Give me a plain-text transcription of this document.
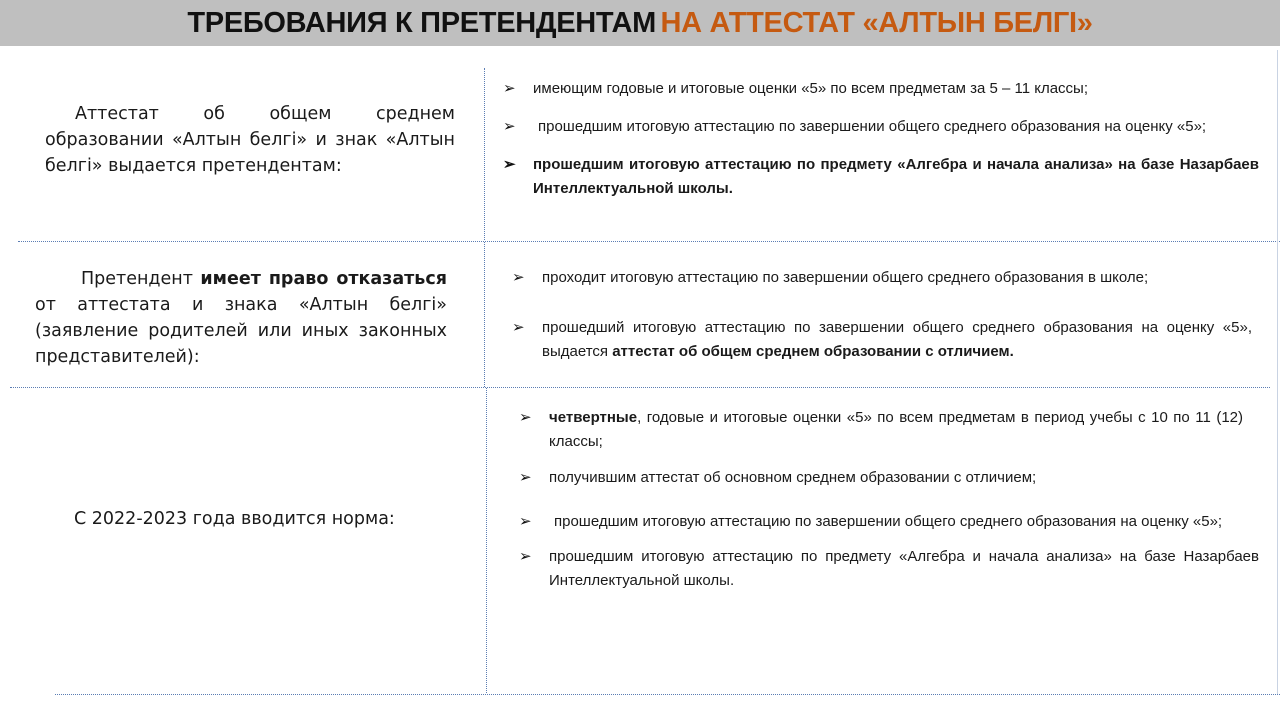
ТРЕБОВАНИЯ К ПРЕТЕНДЕНТАМ НА АТТЕСТАТ «АЛТЫН БЕЛГІ»
Аттестат об общем среднем образовании «Алтын белгі» и знак «Алтын белгі» выдается претендентам:
➢ имеющим годовые и итоговые оценки «5» по всем предметам за 5 – 11 классы;
➢ прошедшим итоговую аттестацию по завершении общего среднего образования на оценку «5»;
➢ прошедшим итоговую аттестацию по предмету «Алгебра и начала анализа» на базе Назарбаев Интеллектуальной школы.
Претендент имеет право отказаться от аттестата и знака «Алтын белгі» (заявление родителей или иных законных представителей):
➢ проходит итоговую аттестацию по завершении общего среднего образования в школе;
➢ прошедший итоговую аттестацию по завершении общего среднего образования на оценку «5», выдается аттестат об общем среднем образовании с отличием.
С 2022-2023 года вводится норма:
➢ четвертные, годовые и итоговые оценки «5» по всем предметам в период учебы с 10 по 11 (12) классы;
➢ получившим аттестат об основном среднем образовании с отличием;
➢ прошедшим итоговую аттестацию по завершении общего среднего образования на оценку «5»;
➢ прошедшим итоговую аттестацию по предмету «Алгебра и начала анализа» на базе Назарбаев Интеллектуальной школы.
